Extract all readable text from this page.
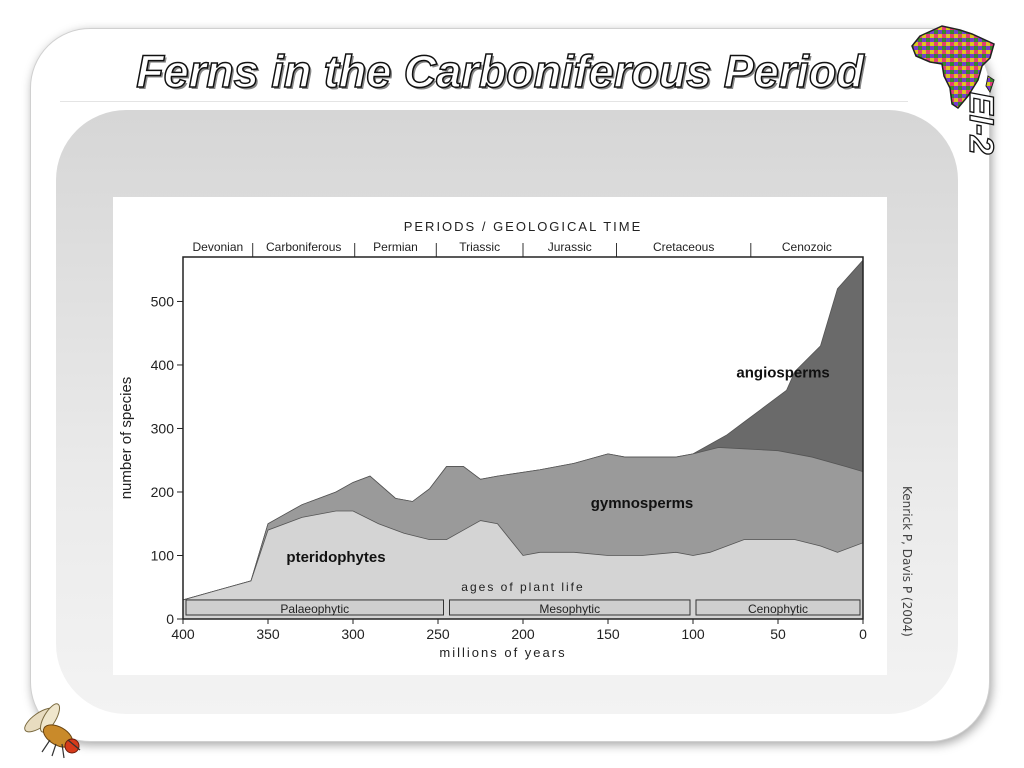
Ferns in the Carboniferous Period
EI-2
PERIODS / GEOLOGICAL TIME
Devonian Carboniferous	Permian	Triassic	Jurassic	Cretaceous	Cenozoic
pteridophytes
gymnosperms
angiosperms
ages of plant life
Palaeophytic	Mesophytic	Cenophytic
0
100
200
300
400
500
400	350	300	250	200	150	100	50	0
millions of years
number of species
Kenrick P, Davis P (2004)
